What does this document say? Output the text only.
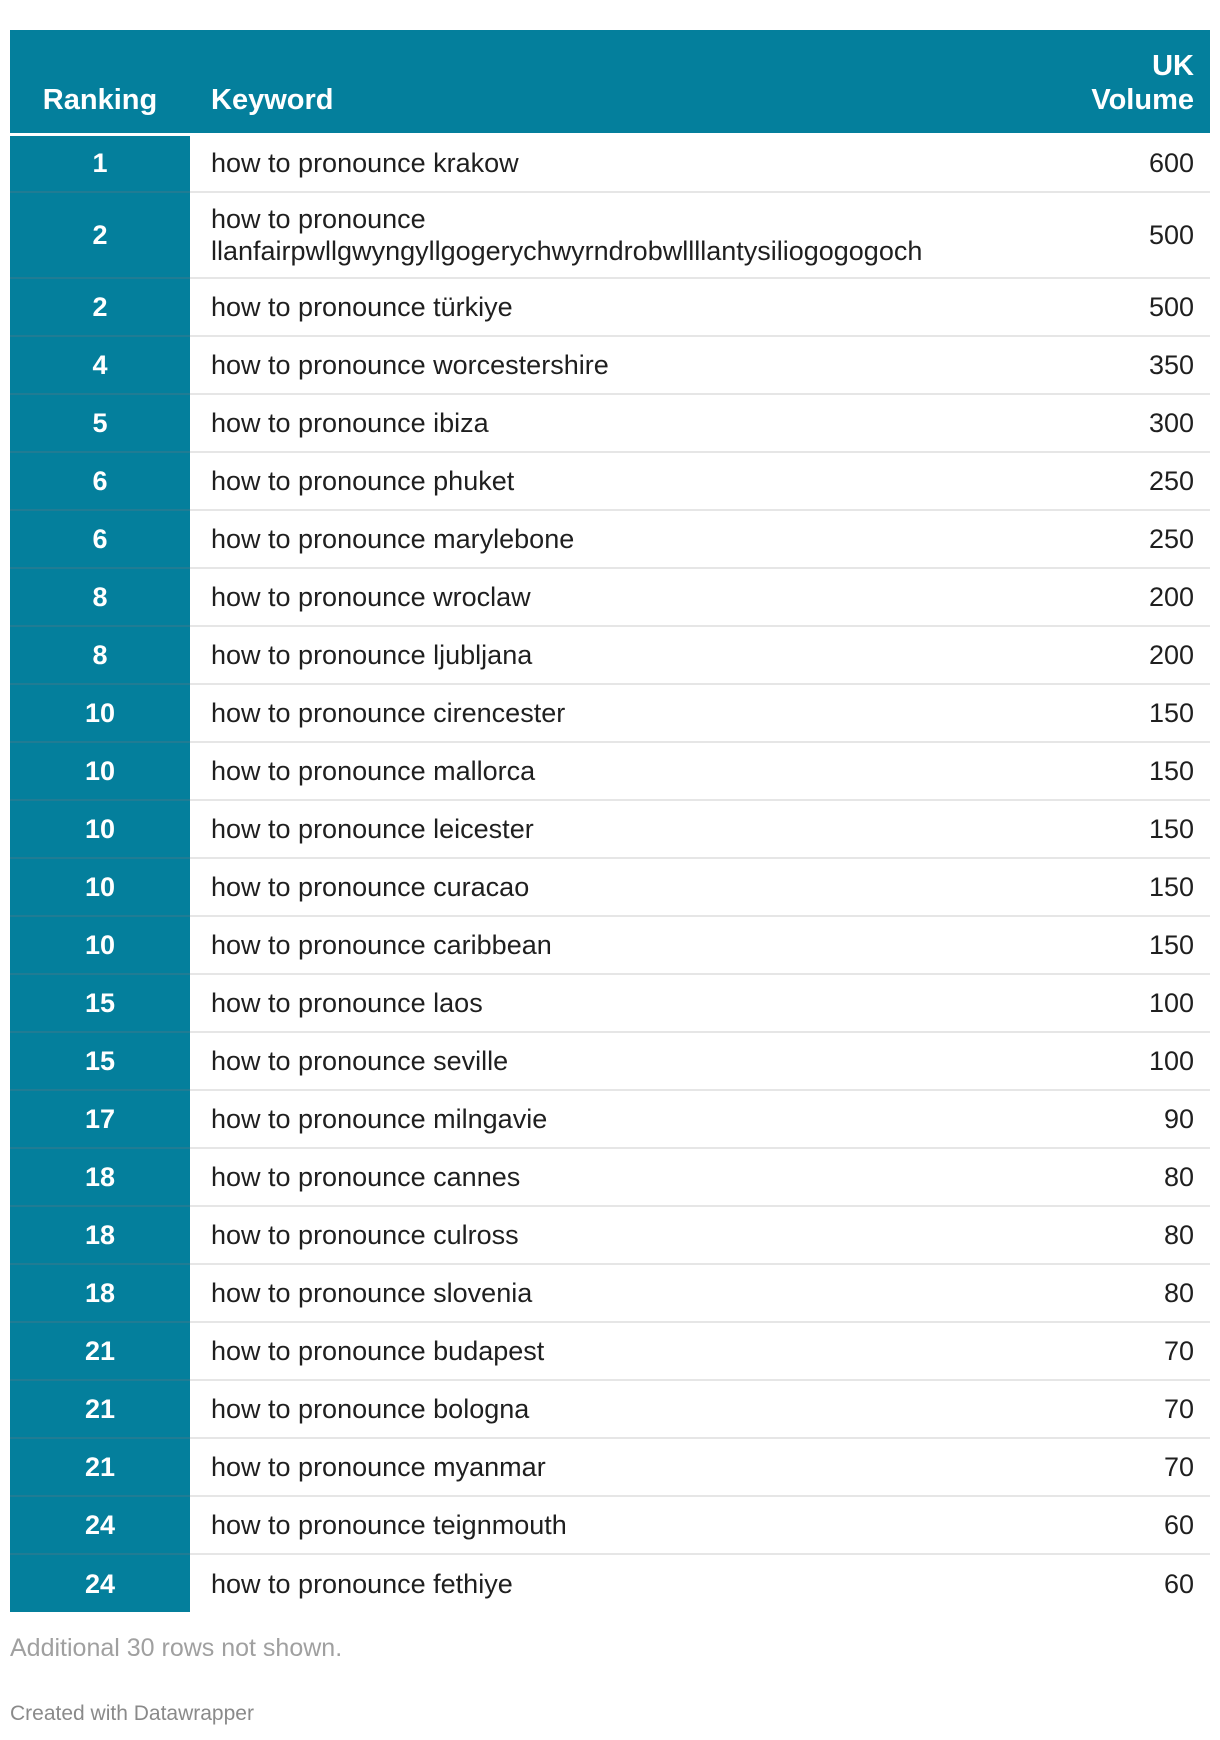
Ranking	Keyword	UK
Volume
1	how to pronounce krakow	600
2	how to pronounce llanfairpwllgwyngyllgogerychwyrndrobwllllantysiliogogogoch	500
2	how to pronounce türkiye	500
4	how to pronounce worcestershire	350
5	how to pronounce ibiza	300
6	how to pronounce phuket	250
6	how to pronounce marylebone	250
8	how to pronounce wroclaw	200
8	how to pronounce ljubljana	200
10	how to pronounce cirencester	150
10	how to pronounce mallorca	150
10	how to pronounce leicester	150
10	how to pronounce curacao	150
10	how to pronounce caribbean	150
15	how to pronounce laos	100
15	how to pronounce seville	100
17	how to pronounce milngavie	90
18	how to pronounce cannes	80
18	how to pronounce culross	80
18	how to pronounce slovenia	80
21	how to pronounce budapest	70
21	how to pronounce bologna	70
21	how to pronounce myanmar	70
24	how to pronounce teignmouth	60
24	how to pronounce fethiye	60
Additional 30 rows not shown.
Created with Datawrapper
